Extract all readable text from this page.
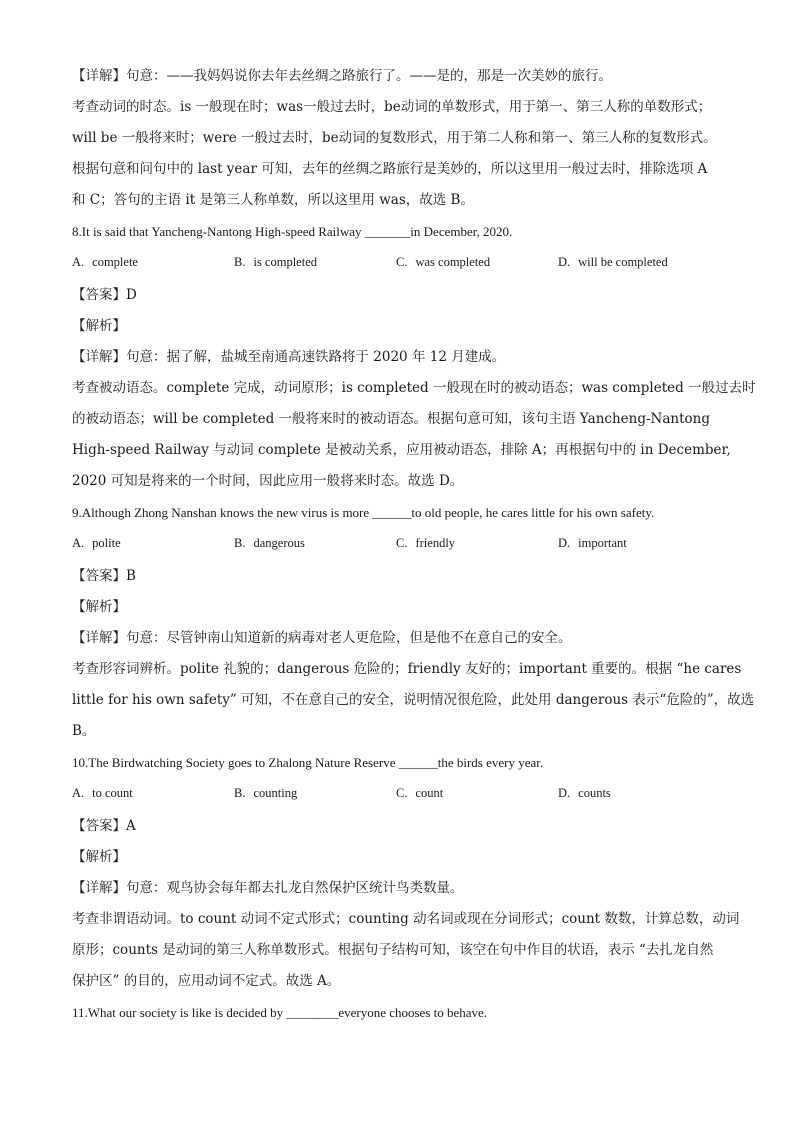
【详解】句意：——我妈妈说你去年去丝绸之路旅行了。——是的，那是一次美妙的旅行。
考查动词的时态。is 一般现在时；was一般过去时，be动词的单数形式，用于第一、第三人称的单数形式；
will be 一般将来时；were 一般过去时，be动词的复数形式，用于第二人称和第一、第三人称的复数形式。
根据句意和问句中的 last year 可知，去年的丝绸之路旅行是美妙的，所以这里用一般过去时，排除选项 A
和 C；答句的主语 it 是第三人称单数，所以这里用 was，故选 B。
8.It is said that Yancheng-Nantong High-speed Railway _______in December, 2020.
A. complete	B. is completed	C. was completed	D. will be completed
【答案】D
【解析】
【详解】句意：据了解，盐城至南通高速铁路将于 2020 年 12 月建成。
考查被动语态。complete 完成，动词原形；is completed 一般现在时的被动语态；was completed 一般过去时
的被动语态；will be completed 一般将来时的被动语态。根据句意可知，该句主语 Yancheng-Nantong
High-speed Railway 与动词 complete 是被动关系，应用被动语态，排除 A；再根据句中的 in December,
2020 可知是将来的一个时间，因此应用一般将来时态。故选 D。
9.Although Zhong Nanshan knows the new virus is more ______to old people, he cares little for his own safety.
A. polite	B. dangerous	C. friendly	D. important
【答案】B
【解析】
【详解】句意：尽管钟南山知道新的病毒对老人更危险，但是他不在意自己的安全。
考查形容词辨析。polite 礼貌的；dangerous 危险的；friendly 友好的；important 重要的。根据 “he cares
little for his own safety” 可知，不在意自己的安全，说明情况很危险，此处用 dangerous 表示“危险的”，故选
B。
10.The Birdwatching Society goes to Zhalong Nature Reserve ______the birds every year.
A. to count	B. counting	C. count	D. counts
【答案】A
【解析】
【详解】句意：观鸟协会每年都去扎龙自然保护区统计鸟类数量。
考查非谓语动词。to count 动词不定式形式；counting 动名词或现在分词形式；count 数数，计算总数，动词
原形；counts 是动词的第三人称单数形式。根据句子结构可知，该空在句中作目的状语，表示 “去扎龙自然
保护区” 的目的，应用动词不定式。故选 A。
11.What our society is like is decided by ________everyone chooses to behave.
